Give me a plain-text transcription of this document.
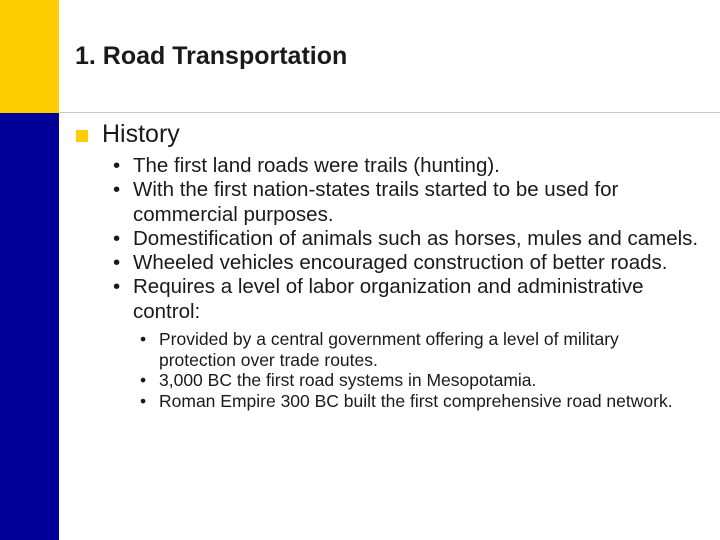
1. Road Transportation
History
• The first land roads were trails (hunting).
• With the first nation-states trails started to be used for commercial purposes.
• Domestification of animals such as horses, mules and camels.
• Wheeled vehicles encouraged construction of better roads.
• Requires a level of labor organization and administrative control:
• Provided by a central government offering a level of military protection over trade routes.
• 3,000 BC the first road systems in Mesopotamia.
• Roman Empire 300 BC built the first comprehensive road network.
